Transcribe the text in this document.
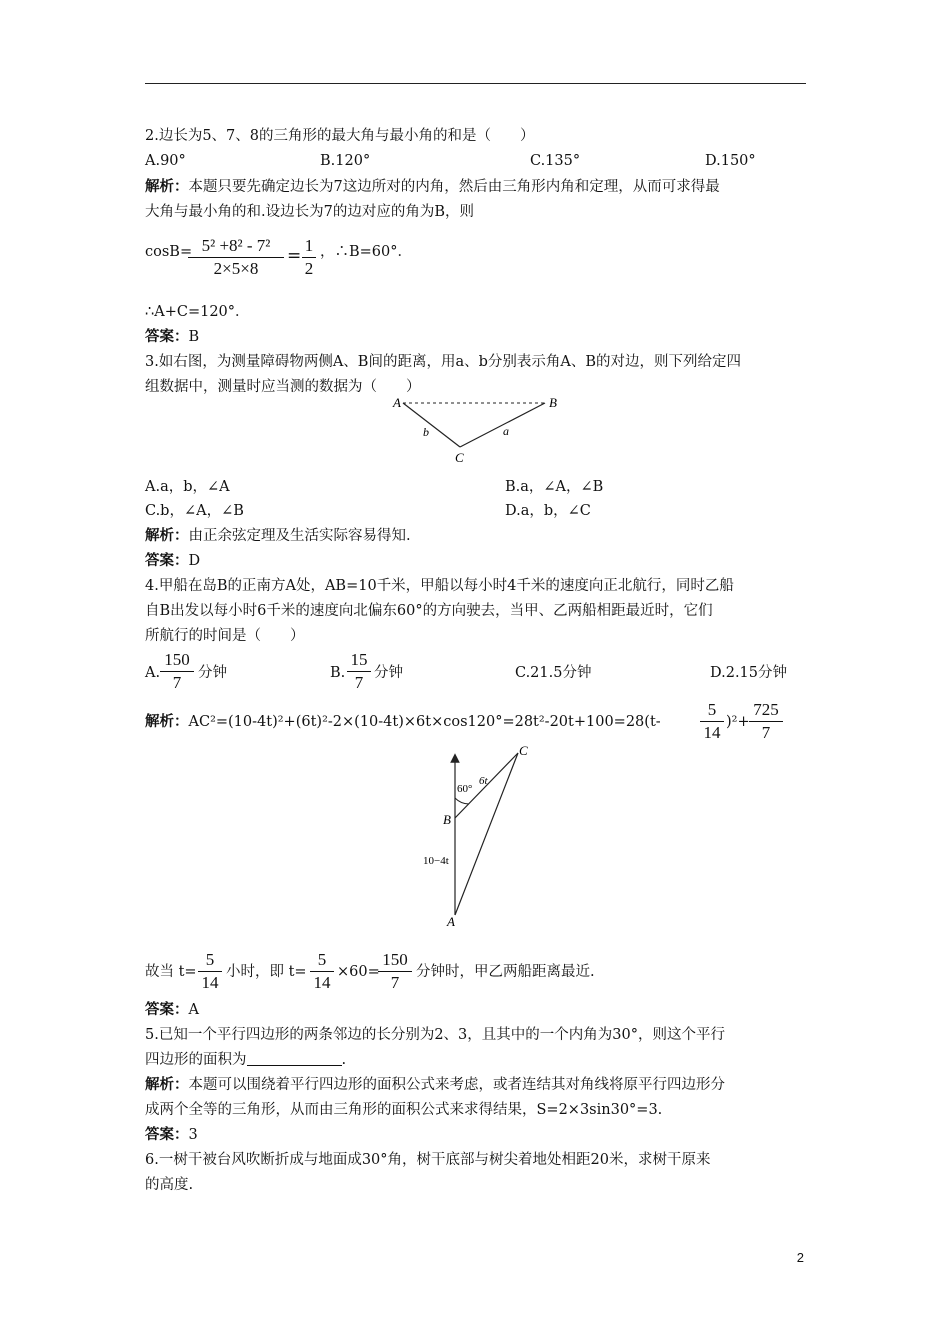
2.边长为5、7、8的三角形的最大角与最小角的和是（　　）
A.90°	B.120°	C.135°	D.150°
解析：本题只要先确定边长为7这边所对的内角，然后由三角形内角和定理，从而可求得最
大角与最小角的和.设边长为7的边对应的角为B，则
cosB= 5² +8² - 7²
2×5×8
=
1
2
，∴B=60°．
∴A+C=120°．
答案：B
3.如右图，为测量障碍物两侧A、B间的距离，用a、b分别表示角A、B的对边，则下列给定四
组数据中，测量时应当测的数据为（　　）
A	B
C
b	a
A.a，b，∠A	B.a，∠A，∠B
C.b，∠A，∠B	D.a，b，∠C
解析：由正余弦定理及生活实际容易得知.
答案：D
4.甲船在岛B的正南方A处，AB=10千米，甲船以每小时4千米的速度向正北航行，同时乙船
自B出发以每小时6千米的速度向北偏东60°的方向驶去，当甲、乙两船相距最近时，它们
所航行的时间是（　　）
A.
150
7	分钟	B.
15
7 分钟	C.21.5分钟	D.2.15分钟
解析：AC²=(10-4t)²+(6t)²-2×(10-4t)×6t×cos120°=28t²-20t+100=28(t-
5
14
)²+
725
7
C
6t
60°
B
10−4t
A
故当 t=
5
14
小时，即 t=
5
14
×60=
150
7
分钟时，甲乙两船距离最近.
答案：A
5.已知一个平行四边形的两条邻边的长分别为2、3，且其中的一个内角为30°，则这个平行
四边形的面积为	.
解析：本题可以围绕着平行四边形的面积公式来考虑，或者连结其对角线将原平行四边形分
成两个全等的三角形，从而由三角形的面积公式来求得结果，S=2×3sin30°=3.
答案：3
6.一树干被台风吹断折成与地面成30°角，树干底部与树尖着地处相距20米，求树干原来
的高度.
2
